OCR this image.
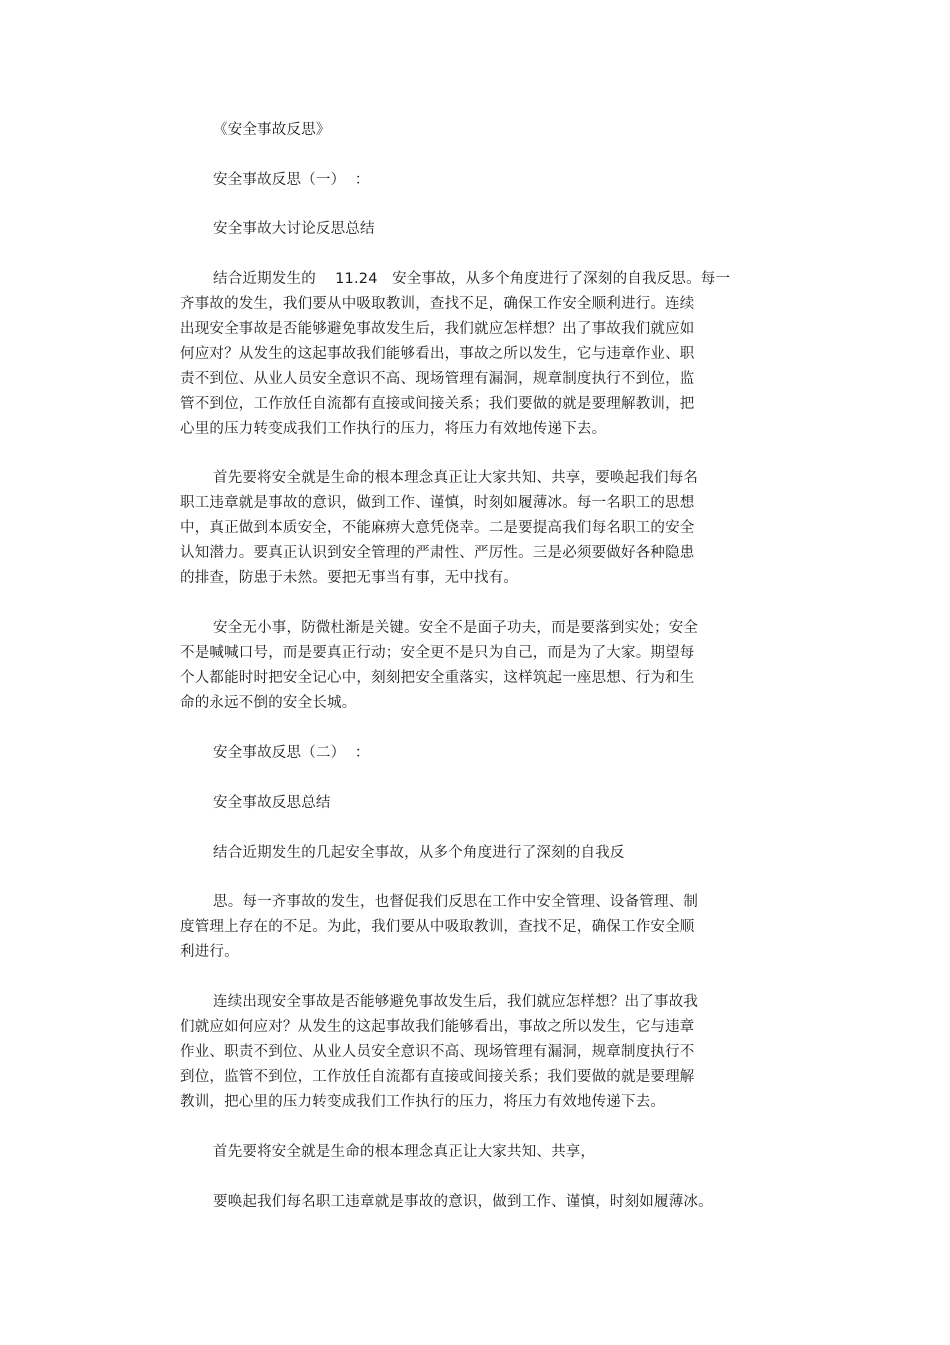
《安全事故反思》
安全事故反思（一）  ：
安全事故大讨论反思总结
结合近期发生的    11.24   安全事故，从多个角度进行了深刻的自我反思。每一
齐事故的发生，我们要从中吸取教训，查找不足，确保工作安全顺利进行。连续
出现安全事故是否能够避免事故发生后，我们就应怎样想？出了事故我们就应如
何应对？从发生的这起事故我们能够看出，事故之所以发生，它与违章作业、职
责不到位、从业人员安全意识不高、现场管理有漏洞，规章制度执行不到位，监
管不到位，工作放任自流都有直接或间接关系；我们要做的就是要理解教训，把
心里的压力转变成我们工作执行的压力，将压力有效地传递下去。
首先要将安全就是生命的根本理念真正让大家共知、共享，要唤起我们每名
职工违章就是事故的意识，做到工作、谨慎，时刻如履薄冰。每一名职工的思想
中，真正做到本质安全，不能麻痹大意凭侥幸。二是要提高我们每名职工的安全
认知潜力。要真正认识到安全管理的严肃性、严厉性。三是必须要做好各种隐患
的排查，防患于未然。要把无事当有事，无中找有。
安全无小事，防微杜渐是关键。安全不是面子功夫，而是要落到实处；安全
不是喊喊口号，而是要真正行动；安全更不是只为自己，而是为了大家。期望每
个人都能时时把安全记心中，刻刻把安全重落实，这样筑起一座思想、行为和生
命的永远不倒的安全长城。
安全事故反思（二）  ：
安全事故反思总结
结合近期发生的几起安全事故，从多个角度进行了深刻的自我反
思。每一齐事故的发生，也督促我们反思在工作中安全管理、设备管理、制
度管理上存在的不足。为此，我们要从中吸取教训，查找不足，确保工作安全顺
利进行。
连续出现安全事故是否能够避免事故发生后，我们就应怎样想？出了事故我
们就应如何应对？从发生的这起事故我们能够看出，事故之所以发生，它与违章
作业、职责不到位、从业人员安全意识不高、现场管理有漏洞，规章制度执行不
到位，监管不到位，工作放任自流都有直接或间接关系；我们要做的就是要理解
教训，把心里的压力转变成我们工作执行的压力，将压力有效地传递下去。
首先要将安全就是生命的根本理念真正让大家共知、共享，
要唤起我们每名职工违章就是事故的意识，做到工作、谨慎，时刻如履薄冰。
